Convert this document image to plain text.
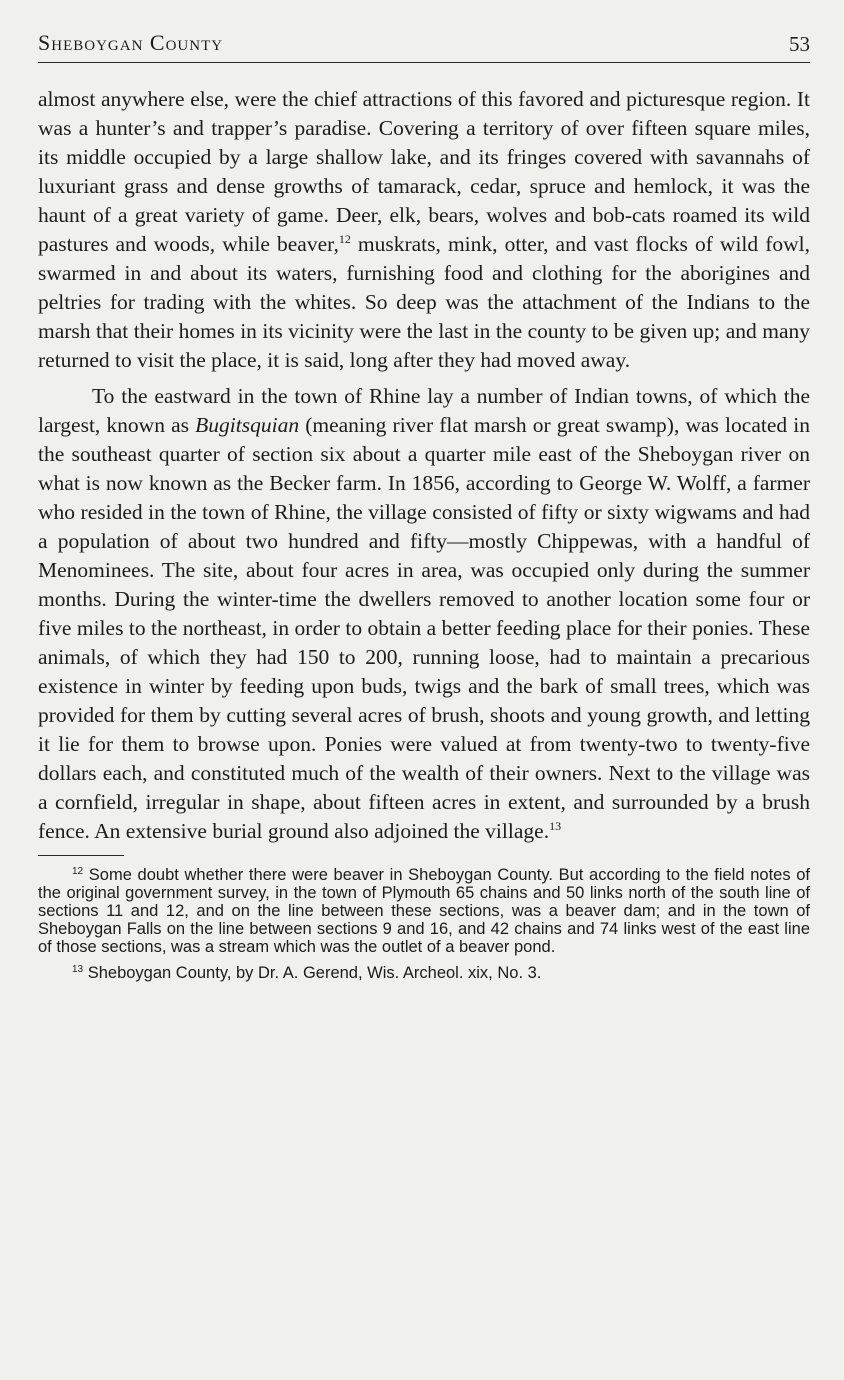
Sheboygan County	53

almost anywhere else, were the chief attractions of this favored and picturesque region. It was a hunter’s and trapper’s paradise. Covering a territory of over fifteen square miles, its middle occupied by a large shallow lake, and its fringes covered with savannahs of luxuriant grass and dense growths of tamarack, cedar, spruce and hemlock, it was the haunt of a great variety of game. Deer, elk, bears, wolves and bob-cats roamed its wild pastures and woods, while beaver,$^{12}$ muskrats, mink, otter, and vast flocks of wild fowl, swarmed in and about its waters, furnishing food and clothing for the aborigines and peltries for trading with the whites. So deep was the attachment of the Indians to the marsh that their homes in its vicinity were the last in the county to be given up; and many returned to visit the place, it is said, long after they had moved away.

To the eastward in the town of Rhine lay a number of Indian towns, of which the largest, known as Bugitsquian (meaning river flat marsh or great swamp), was located in the southeast quarter of section six about a quarter mile east of the Sheboygan river on what is now known as the Becker farm. In 1856, according to George W. Wolff, a farmer who resided in the town of Rhine, the village consisted of fifty or sixty wigwams and had a population of about two hundred and fifty—mostly Chippewas, with a handful of Menominees. The site, about four acres in area, was occupied only during the summer months. During the winter-time the dwellers removed to another location some four or five miles to the northeast, in order to obtain a better feeding place for their ponies. These animals, of which they had 150 to 200, running loose, had to maintain a precarious existence in winter by feeding upon buds, twigs and the bark of small trees, which was provided for them by cutting several acres of brush, shoots and young growth, and letting it lie for them to browse upon. Ponies were valued at from twenty-two to twenty-five dollars each, and constituted much of the wealth of their owners. Next to the village was a cornfield, irregular in shape, about fifteen acres in extent, and surrounded by a brush fence. An extensive burial ground also adjoined the village.$^{13}$

$^{12}$ Some doubt whether there were beaver in Sheboygan County. But according to the field notes of the original government survey, in the town of Plymouth 65 chains and 50 links north of the south line of sections 11 and 12, and on the line between these sections, was a beaver dam; and in the town of Sheboygan Falls on the line between sections 9 and 16, and 42 chains and 74 links west of the east line of those sections, was a stream which was the outlet of a beaver pond.

$^{13}$ Sheboygan County, by Dr. A. Gerend, Wis. Archeol. xix, No. 3.
